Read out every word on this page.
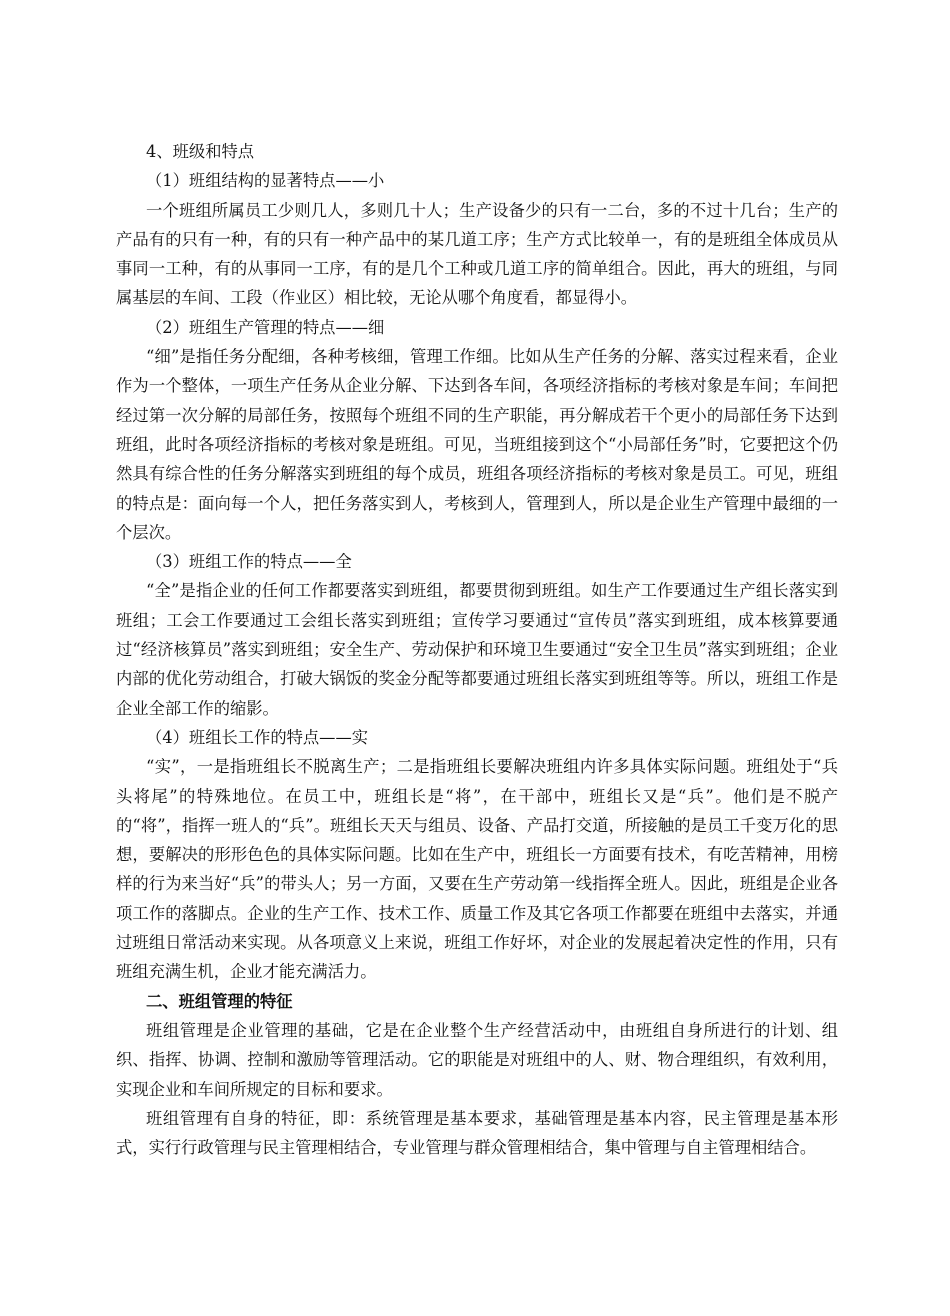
4、班级和特点

（1）班组结构的显著特点——小

一个班组所属员工少则几人，多则几十人；生产设备少的只有一二台，多的不过十几台；生产的产品有的只有一种，有的只有一种产品中的某几道工序；生产方式比较单一，有的是班组全体成员从事同一工种，有的从事同一工序，有的是几个工种或几道工序的简单组合。因此，再大的班组，与同属基层的车间、工段（作业区）相比较，无论从哪个角度看，都显得小。

（2）班组生产管理的特点——细

“细”是指任务分配细，各种考核细，管理工作细。比如从生产任务的分解、落实过程来看，企业作为一个整体，一项生产任务从企业分解、下达到各车间，各项经济指标的考核对象是车间；车间把经过第一次分解的局部任务，按照每个班组不同的生产职能，再分解成若干个更小的局部任务下达到班组，此时各项经济指标的考核对象是班组。可见，当班组接到这个“小局部任务”时，它要把这个仍然具有综合性的任务分解落实到班组的每个成员，班组各项经济指标的考核对象是员工。可见，班组的特点是：面向每一个人，把任务落实到人，考核到人，管理到人，所以是企业生产管理中最细的一个层次。

（3）班组工作的特点——全

“全”是指企业的任何工作都要落实到班组，都要贯彻到班组。如生产工作要通过生产组长落实到班组；工会工作要通过工会组长落实到班组；宣传学习要通过“宣传员”落实到班组，成本核算要通过“经济核算员”落实到班组；安全生产、劳动保护和环境卫生要通过“安全卫生员”落实到班组；企业内部的优化劳动组合，打破大锅饭的奖金分配等都要通过班组长落实到班组等等。所以，班组工作是企业全部工作的缩影。

（4）班组长工作的特点——实

“实”，一是指班组长不脱离生产；二是指班组长要解决班组内许多具体实际问题。班组处于“兵头将尾”的特殊地位。在员工中，班组长是“将”，在干部中，班组长又是“兵”。他们是不脱产的“将”，指挥一班人的“兵”。班组长天天与组员、设备、产品打交道，所接触的是员工千变万化的思想，要解决的形形色色的具体实际问题。比如在生产中，班组长一方面要有技术，有吃苦精神，用榜样的行为来当好“兵”的带头人；另一方面，又要在生产劳动第一线指挥全班人。因此，班组是企业各项工作的落脚点。企业的生产工作、技术工作、质量工作及其它各项工作都要在班组中去落实，并通过班组日常活动来实现。从各项意义上来说，班组工作好坏，对企业的发展起着决定性的作用，只有班组充满生机，企业才能充满活力。

二、班组管理的特征

班组管理是企业管理的基础，它是在企业整个生产经营活动中，由班组自身所进行的计划、组织、指挥、协调、控制和激励等管理活动。它的职能是对班组中的人、财、物合理组织，有效利用，实现企业和车间所规定的目标和要求。

班组管理有自身的特征，即：系统管理是基本要求，基础管理是基本内容，民主管理是基本形式，实行行政管理与民主管理相结合，专业管理与群众管理相结合，集中管理与自主管理相结合。
